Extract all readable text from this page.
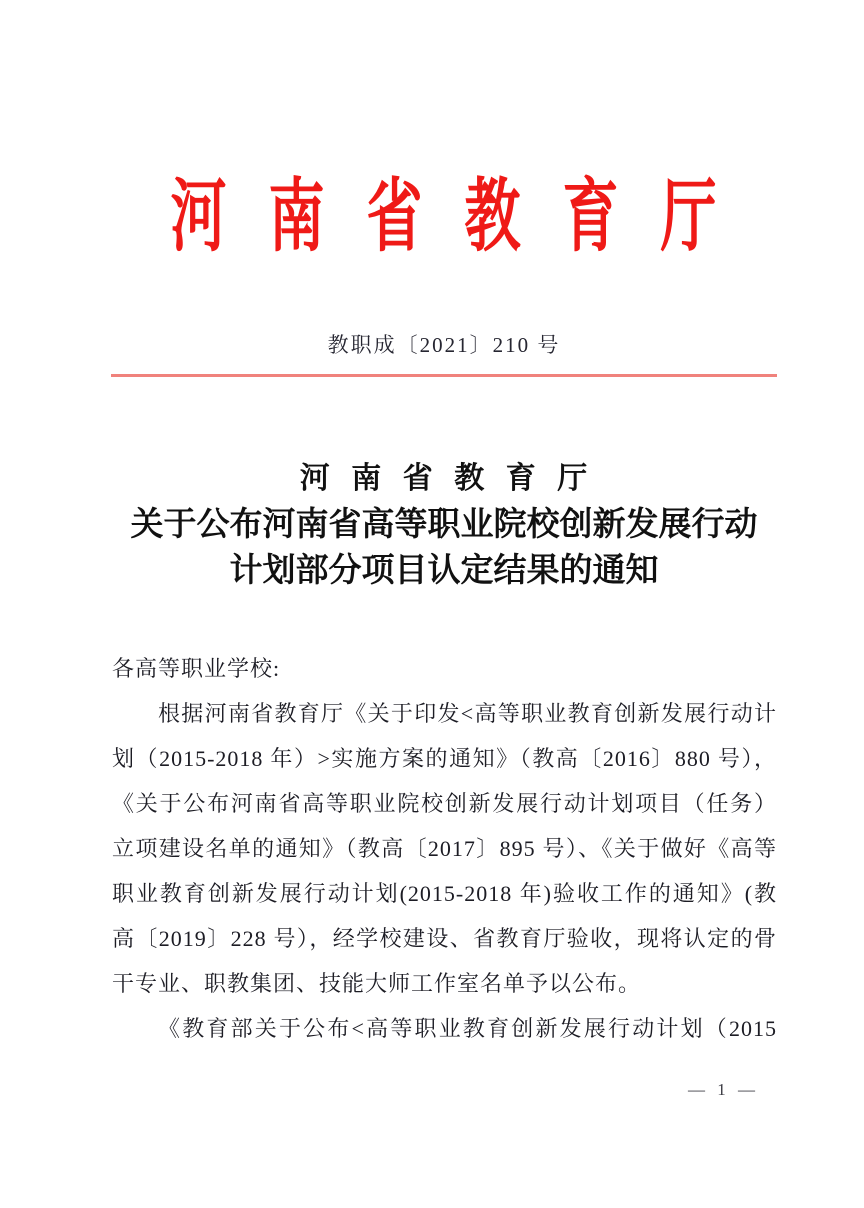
河 南 省 教 育 厅
教职成〔2021〕210 号
河 南 省 教 育 厅
关于公布河南省高等职业院校创新发展行动
计划部分项目认定结果的通知
各高等职业学校:
根据河南省教育厅《关于印发<高等职业教育创新发展行动计
划（2015-2018 年）>实施方案的通知》（教高〔2016〕880 号），
《关于公布河南省高等职业院校创新发展行动计划项目（任务）
立项建设名单的通知》（教高〔2017〕895 号）、《关于做好《高等
职业教育创新发展行动计划(2015-2018 年)验收工作的通知》(教
高〔2019〕228 号），经学校建设、省教育厅验收，现将认定的骨
干专业、职教集团、技能大师工作室名单予以公布。
《教育部关于公布<高等职业教育创新发展行动计划（2015
— 1 —
